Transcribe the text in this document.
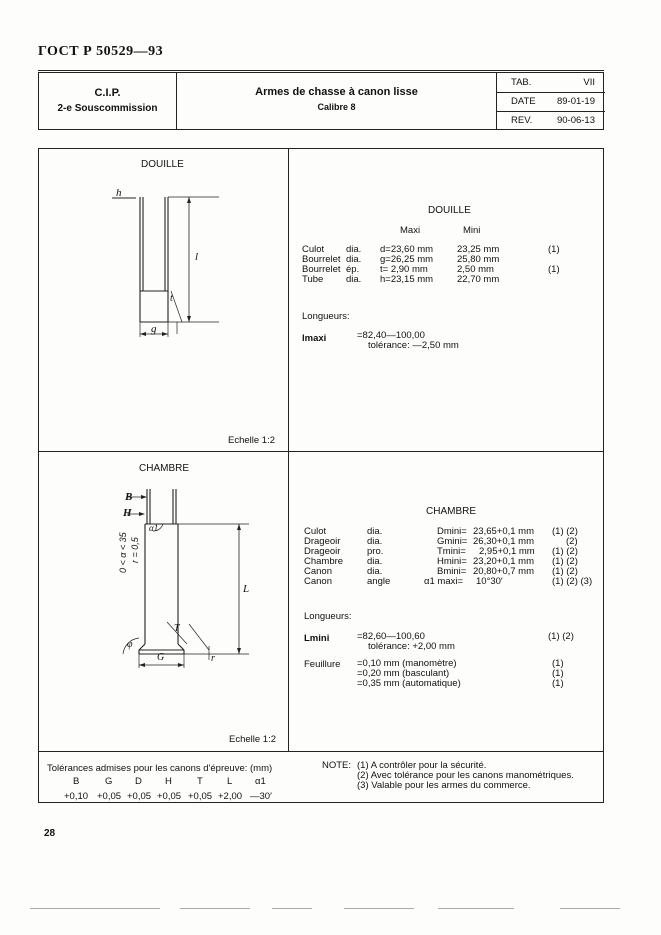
ГОСТ Р 50529—93
C.I.P.
2-e Souscommission
Armes de chasse à canon lisse
Calibre 8
TAB.	VII
DATE 89-01-19
REV.	90-06-13
DOUILLE
h
l
t
g
Echelle 1:2
DOUILLE
Maxi	Mini
Culot dia. d=23,60 mm	23,25 mm	(1)
Bourrelet dia. g=26,25 mm	25,80 mm
Bourrelet ép. t= 2,90 mm	2,50 mm	(1)
Tube dia. h=23,15 mm	22,70 mm
Longueurs:
lmaxi	=82,40—100,00
tolérance: —2,50 mm
CHAMBRE
B
H
α1
T
L
G
φ
r
0 < α < 35 r = 0,5
Echelle 1:2
CHAMBRE
Culot	dia.	Dmini= 23,65+0,1 mm (1) (2)
Drageoir	dia.	Gmini= 26,30+0,1 mm	(2)
Drageoir	pro.	Tmini= 2,95+0,1 mm (1) (2)
Chambre	dia.	Hmini= 23,20+0,1 mm (1) (2)
Canon	dia.	Bmini= 20,80+0,7 mm (1) (2)
Canon	angle	α1 maxi= 10°30′	(1) (2) (3)
Longueurs:
Lmini	=82,60—100,60	(1) (2)
tolérance: +2,00 mm
Feuillure =0,10 mm (manomètre)	(1)
=0,20 mm (basculant)	(1)
=0,35 mm (automatique)	(1)
Tolérances admises pour les canons d'épreuve: (mm)
B	G D H	T	L α1
+0,10 +0,05 +0,05 +0,05 +0,05 +2,00 —30′
NOTE: (1) A contrôler pour la sécurité.
(2) Avec tolérance pour les canons manométriques.
(3) Valable pour les armes du commerce.
28
